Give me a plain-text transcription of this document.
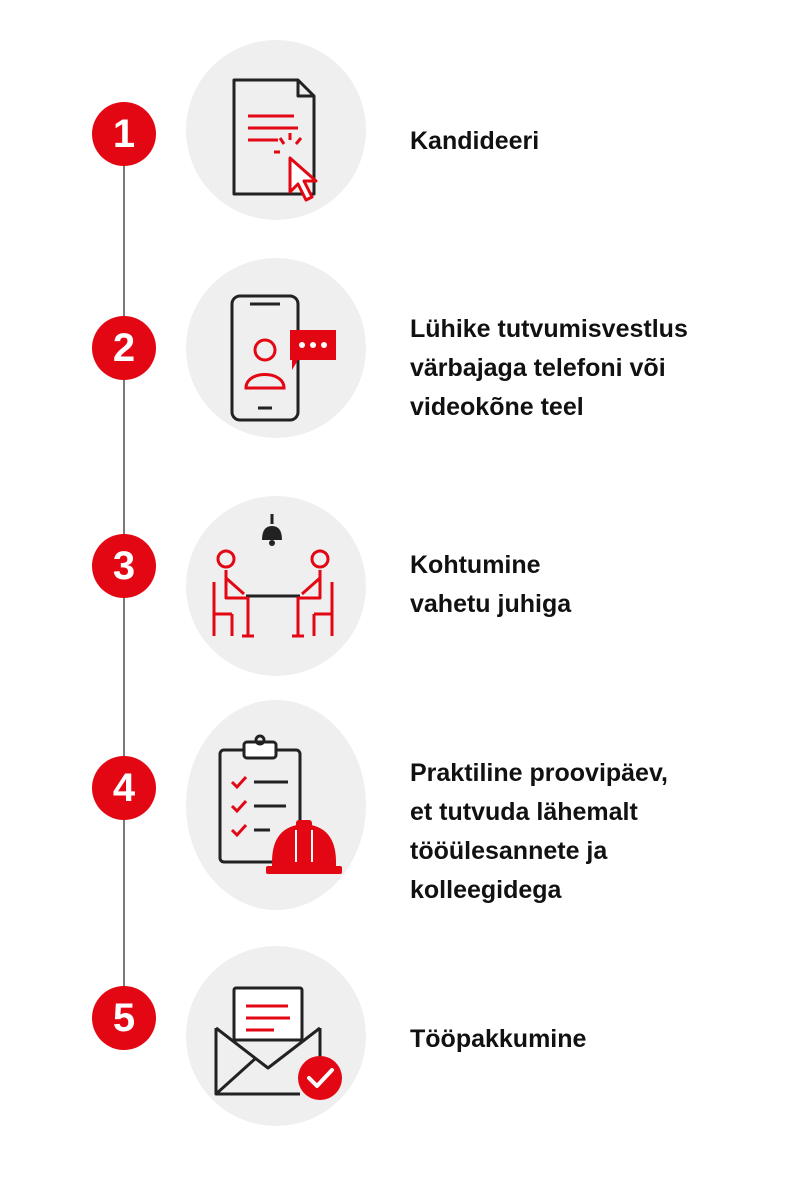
1	Kandideeri
2	Lühike tutvumisvestlus
värbajaga telefoni või
videokõne teel
3	Kohtumine
vahetu juhiga
4	Praktiline proovipäev,
et tutvuda lähemalt
tööülesannete ja
kolleegidega
5	Tööpakkumine
